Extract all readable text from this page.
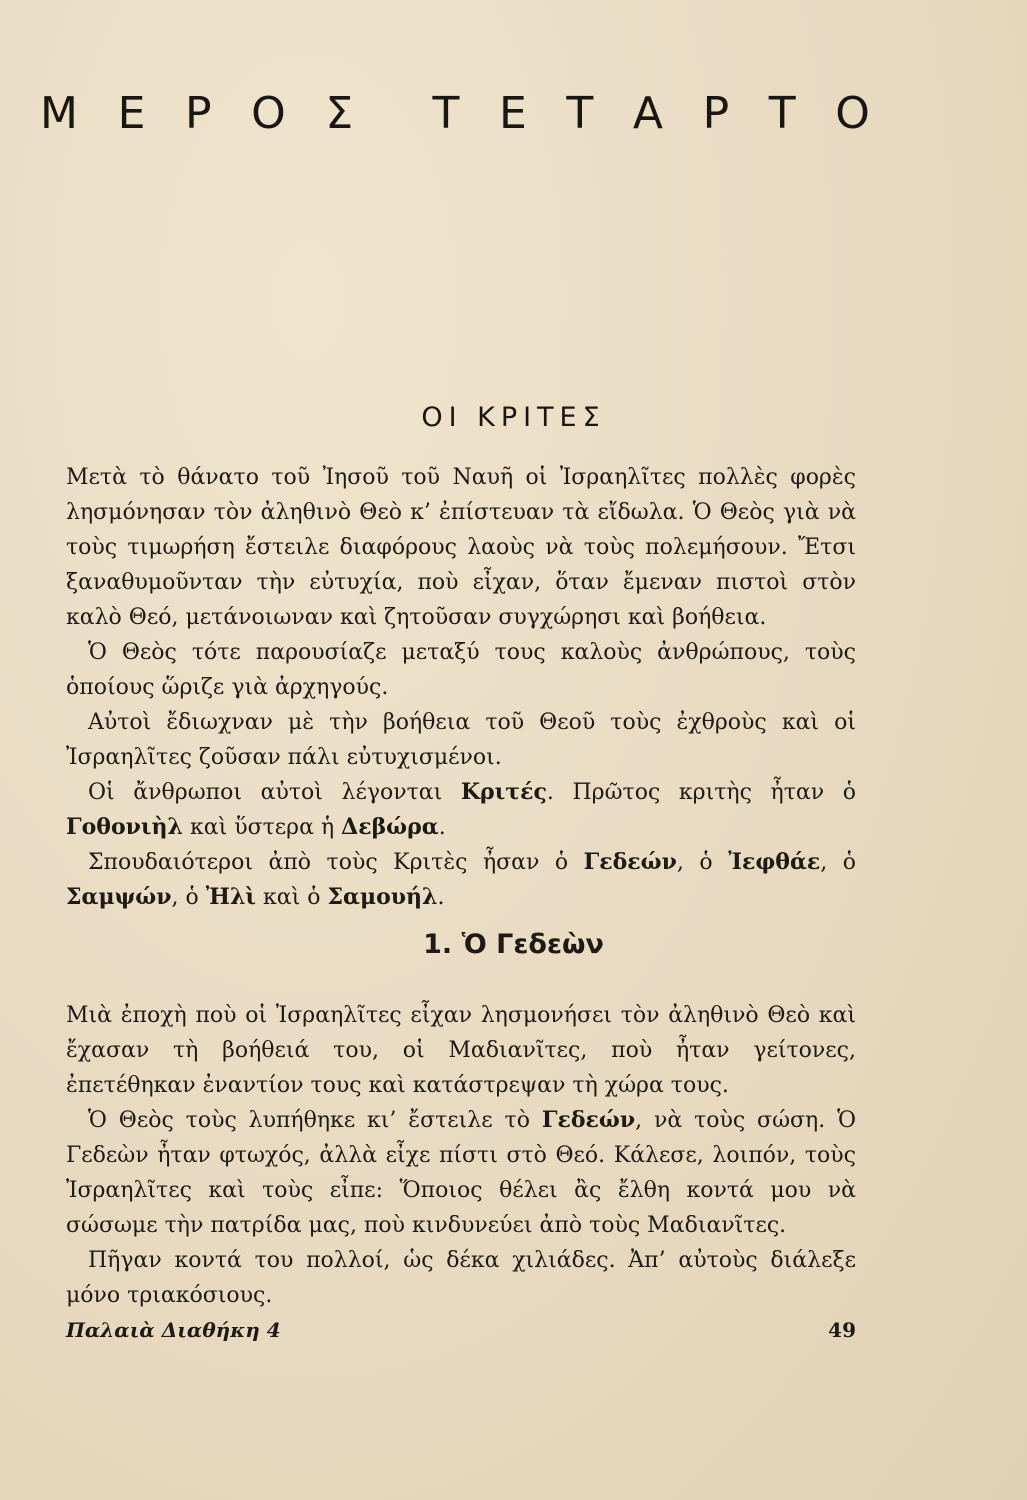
Μ Ε Ρ Ο Σ Τ Ε Τ Α Ρ Τ Ο
ΟΙ ΚΡΙΤΕΣ

Μετὰ τὸ θάνατο τοῦ Ἰησοῦ τοῦ Ναυῆ οἱ Ἰσραηλῖτες πολλὲς φορὲς λησμόνησαν τὸν ἀληθινὸ Θεὸ κ’ ἐπίστευαν τὰ εἴδωλα. Ὁ Θεὸς γιὰ νὰ τοὺς τιμωρήση ἔστειλε διαφόρους λαοὺς νὰ τοὺς πολεμήσουν. Ἔτσι ξαναθυμοῦνταν τὴν εὐτυχία, ποὺ εἶχαν, ὅταν ἔμεναν πιστοὶ στὸν καλὸ Θεό, μετάνοιωναν καὶ ζητοῦσαν συγχώρησι καὶ βοήθεια.

Ὁ Θεὸς τότε παρουσίαζε μεταξύ τους καλοὺς ἀνθρώπους, τοὺς ὁποίους ὥριζε γιὰ ἀρχηγούς.

Αὐτοὶ ἔδιωχναν μὲ τὴν βοήθεια τοῦ Θεοῦ τοὺς ἐχθροὺς καὶ οἱ Ἰσραηλῖτες ζοῦσαν πάλι εὐτυχισμένοι.

Οἱ ἄνθρωποι αὐτοὶ λέγονται Κριτές. Πρῶτος κριτὴς ἦταν ὁ Γοθονιὴλ καὶ ὕστερα ἡ Δεβώρα.

Σπουδαιότεροι ἀπὸ τοὺς Κριτὲς ἦσαν ὁ Γεδεών, ὁ Ἰεφθάε, ὁ Σαμψών, ὁ Ἠλὶ καὶ ὁ Σαμουήλ.

1. Ὁ Γεδεὼν

Μιὰ ἐποχὴ ποὺ οἱ Ἰσραηλῖτες εἶχαν λησμονήσει τὸν ἀληθινὸ Θεὸ καὶ ἔχασαν τὴ βοήθειά του, οἱ Μαδιανῖτες, ποὺ ἦταν γείτονες, ἐπετέθηκαν ἐναντίον τους καὶ κατάστρεψαν τὴ χώρα τους.

Ὁ Θεὸς τοὺς λυπήθηκε κι’ ἔστειλε τὸ Γεδεών, νὰ τοὺς σώση. Ὁ Γεδεὼν ἦταν φτωχός, ἀλλὰ εἶχε πίστι στὸ Θεό. Κάλεσε, λοιπόν, τοὺς Ἰσραηλῖτες καὶ τοὺς εἶπε: Ὅποιος θέλει ἂς ἔλθη κοντά μου νὰ σώσωμε τὴν πατρίδα μας, ποὺ κινδυνεύει ἀπὸ τοὺς Μαδιανῖτες.

Πῆγαν κοντά του πολλοί, ὡς δέκα χιλιάδες. Ἀπ’ αὐτοὺς διάλεξε μόνο τριακόσιους.

Παλαιὰ Διαθήκη 4	49
